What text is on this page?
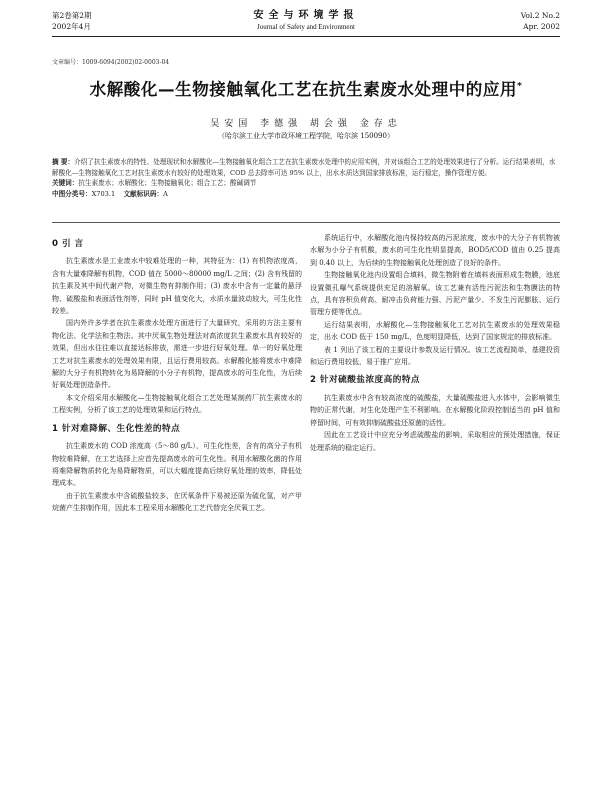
第2卷第2期
2002年4月
安全与环境学报
Journal of Safety and Environment
Vol.2 No.2
Apr. 2002
文章编号：1009-6094(2002)02-0003-04
水解酸化—生物接触氧化工艺在抗生素废水处理中的应用*
吴安国 李德强 胡会强 金存忠
（哈尔滨工业大学市政环境工程学院，哈尔滨 150090）
摘 要：介绍了抗生素废水的特性、处理现状和水解酸化—生物接触氧化组合工艺在抗生素废水处理中的应用实例，并对该组合工艺的处理效果进行了分析。运行结果表明，水解酸化—生物接触氧化工艺对抗生素废水有较好的处理效果，COD 总去除率可达 95% 以上，出水水质达到国家排放标准，运行稳定，操作管理方便。
关键词：抗生素废水；水解酸化；生物接触氧化；组合工艺；酸碱调节
中图分类号：X703.1 文献标识码：A
0 引 言

抗生素废水是工业废水中较难处理的一种，其特征为：(1) 有机物浓度高，含有大量难降解有机物，COD 值在 5000～80000 mg/L 之间；(2) 含有残留的抗生素及其中间代谢产物，对微生物有抑制作用；(3) 废水中含有一定量的悬浮物、硫酸盐和表面活性剂等，同时 pH 值变化大，水质水量波动较大，可生化性较差。

国内外许多学者在抗生素废水处理方面进行了大量研究，采用的方法主要有物化法、化学法和生物法。其中厌氧生物处理法对高浓度抗生素废水具有较好的效果，但出水往往难以直接达标排放，需进一步进行好氧处理。单一的好氧处理工艺对抗生素废水的处理效果有限，且运行费用较高。水解酸化能将废水中难降解的大分子有机物转化为易降解的小分子有机物，提高废水的可生化性，为后续好氧处理创造条件。

本文介绍采用水解酸化—生物接触氧化组合工艺处理某制药厂抗生素废水的工程实例，分析了该工艺的处理效果和运行特点。

1 针对难降解、生化性差的特点

抗生素废水的 COD 浓度高（5～80 g/L），可生化性差，含有的高分子有机物较难降解，在工艺选择上应首先提高废水的可生化性。利用水解酸化菌的作用将难降解物质转化为易降解物质，可以大幅度提高后续好氧处理的效率，降低处理成本。

由于抗生素废水中含硫酸盐较多，在厌氧条件下易被还原为硫化氢，对产甲烷菌产生抑制作用，因此本工程采用水解酸化工艺代替完全厌氧工艺。

系统运行中，水解酸化池内保持较高的污泥浓度，废水中的大分子有机物被水解为小分子有机酸，废水的可生化性明显提高，BOD5/COD 值由 0.25 提高到 0.40 以上，为后续的生物接触氧化处理创造了良好的条件。

生物接触氧化池内设置组合填料，微生物附着在填料表面形成生物膜，池底设置微孔曝气系统提供充足的溶解氧。该工艺兼有活性污泥法和生物膜法的特点，具有容积负荷高、耐冲击负荷能力强、污泥产量少、不发生污泥膨胀、运行管理方便等优点。

运行结果表明，水解酸化—生物接触氧化工艺对抗生素废水的处理效果稳定，出水 COD 低于 150 mg/L，色度明显降低，达到了国家规定的排放标准。

表 1 列出了该工程的主要设计参数及运行情况。该工艺流程简单，基建投资和运行费用较低，易于推广应用。

2 针对硫酸盐浓度高的特点

抗生素废水中含有较高浓度的硫酸盐，大量硫酸盐进入水体中，会影响微生物的正常代谢，对生化处理产生不利影响。在水解酸化阶段控制适当的 pH 值和停留时间，可有效抑制硫酸盐还原菌的活性。

因此在工艺设计中应充分考虑硫酸盐的影响，采取相应的预处理措施，保证处理系统的稳定运行。
